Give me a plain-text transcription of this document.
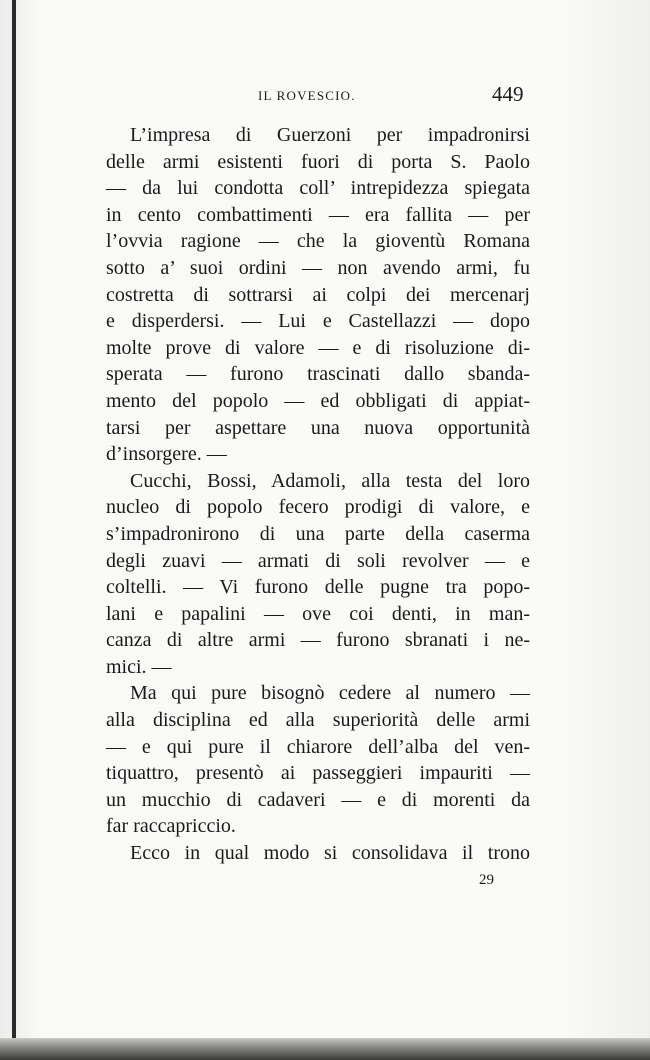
IL ROVESCIO.	449
L’impresa di Guerzoni per impadronirsi
delle armi esistenti fuori di porta S. Paolo
— da lui condotta coll’ intrepidezza spiegata
in cento combattimenti — era fallita — per
l’ovvia ragione — che la gioventù Romana
sotto a’ suoi ordini — non avendo armi, fu
costretta di sottrarsi ai colpi dei mercenarj
e disperdersi. — Lui e Castellazzi — dopo
molte prove di valore — e di risoluzione di-
sperata — furono trascinati dallo sbanda-
mento del popolo — ed obbligati di appiat-
tarsi per aspettare una nuova opportunità
d’insorgere. —
Cucchi, Bossi, Adamoli, alla testa del loro
nucleo di popolo fecero prodigi di valore, e
s’impadronirono di una parte della caserma
degli zuavi — armati di soli revolver — e
coltelli. — Vi furono delle pugne tra popo-
lani e papalini — ove coi denti, in man-
canza di altre armi — furono sbranati i ne-
mici. —
Ma qui pure bisognò cedere al numero —
alla disciplina ed alla superiorità delle armi
— e qui pure il chiarore dell’alba del ven-
tiquattro, presentò ai passeggieri impauriti —
un mucchio di cadaveri — e di morenti da
far raccapriccio.
Ecco in qual modo si consolidava il trono
29
